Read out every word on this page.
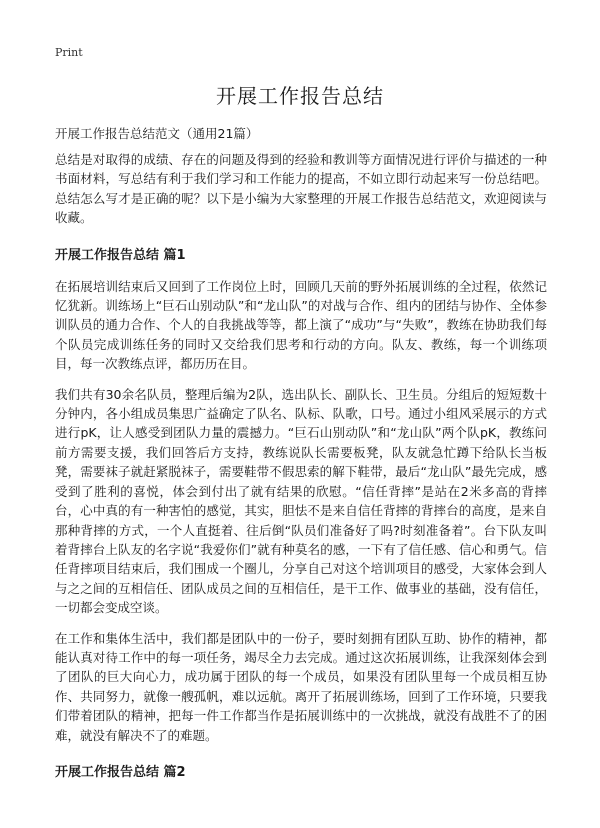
Print
开展工作报告总结
开展工作报告总结范文（通用21篇）

总结是对取得的成绩、存在的问题及得到的经验和教训等方面情况进行评价与描述的一种书面材料，写总结有利于我们学习和工作能力的提高，不如立即行动起来写一份总结吧。总结怎么写才是正确的呢？以下是小编为大家整理的开展工作报告总结范文，欢迎阅读与收藏。

开展工作报告总结 篇1

在拓展培训结束后又回到了工作岗位上时，回顾几天前的野外拓展训练的全过程，依然记忆犹新。训练场上“巨石山别动队”和“龙山队”的对战与合作、组内的团结与协作、全体参训队员的通力合作、个人的自我挑战等等，都上演了“成功”与“失败”，教练在协助我们每个队员完成训练任务的同时又交给我们思考和行动的方向。队友、教练，每一个训练项目，每一次教练点评，都历历在目。

我们共有30余名队员，整理后编为2队，选出队长、副队长、卫生员。分组后的短短数十分钟内，各小组成员集思广益确定了队名、队标、队歌，口号。通过小组风采展示的方式进行pK，让人感受到团队力量的震撼力。“巨石山别动队”和“龙山队”两个队pK，教练问前方需要支援，我们回答后方支持，教练说队长需要板凳，队友就急忙蹲下给队长当板凳，需要袜子就赶紧脱袜子，需要鞋带不假思索的解下鞋带，最后“龙山队”最先完成，感受到了胜利的喜悦，体会到付出了就有结果的欣慰。“信任背摔”是站在2米多高的背摔台，心中真的有一种害怕的感觉，其实，胆怯不是来自信任背摔的背摔台的高度，是来自那种背摔的方式，一个人直挺着、往后倒“队员们准备好了吗?时刻准备着”。台下队友叫着背摔台上队友的名字说“我爱你们”就有种莫名的感，一下有了信任感、信心和勇气。信任背摔项目结束后，我们围成一个圈儿，分享自己对这个培训项目的感受，大家体会到人与之之间的互相信任、团队成员之间的互相信任，是干工作、做事业的基础，没有信任，一切都会变成空谈。

在工作和集体生活中，我们都是团队中的一份子，要时刻拥有团队互助、协作的精神，都能认真对待工作中的每一项任务，竭尽全力去完成。通过这次拓展训练，让我深刻体会到了团队的巨大向心力，成功属于团队的每一个成员，如果没有团队里每一个成员相互协作、共同努力，就像一艘孤帆，难以远航。离开了拓展训练场，回到了工作环境，只要我们带着团队的精神，把每一件工作都当作是拓展训练中的一次挑战，就没有战胜不了的困难，就没有解决不了的难题。

开展工作报告总结 篇2
